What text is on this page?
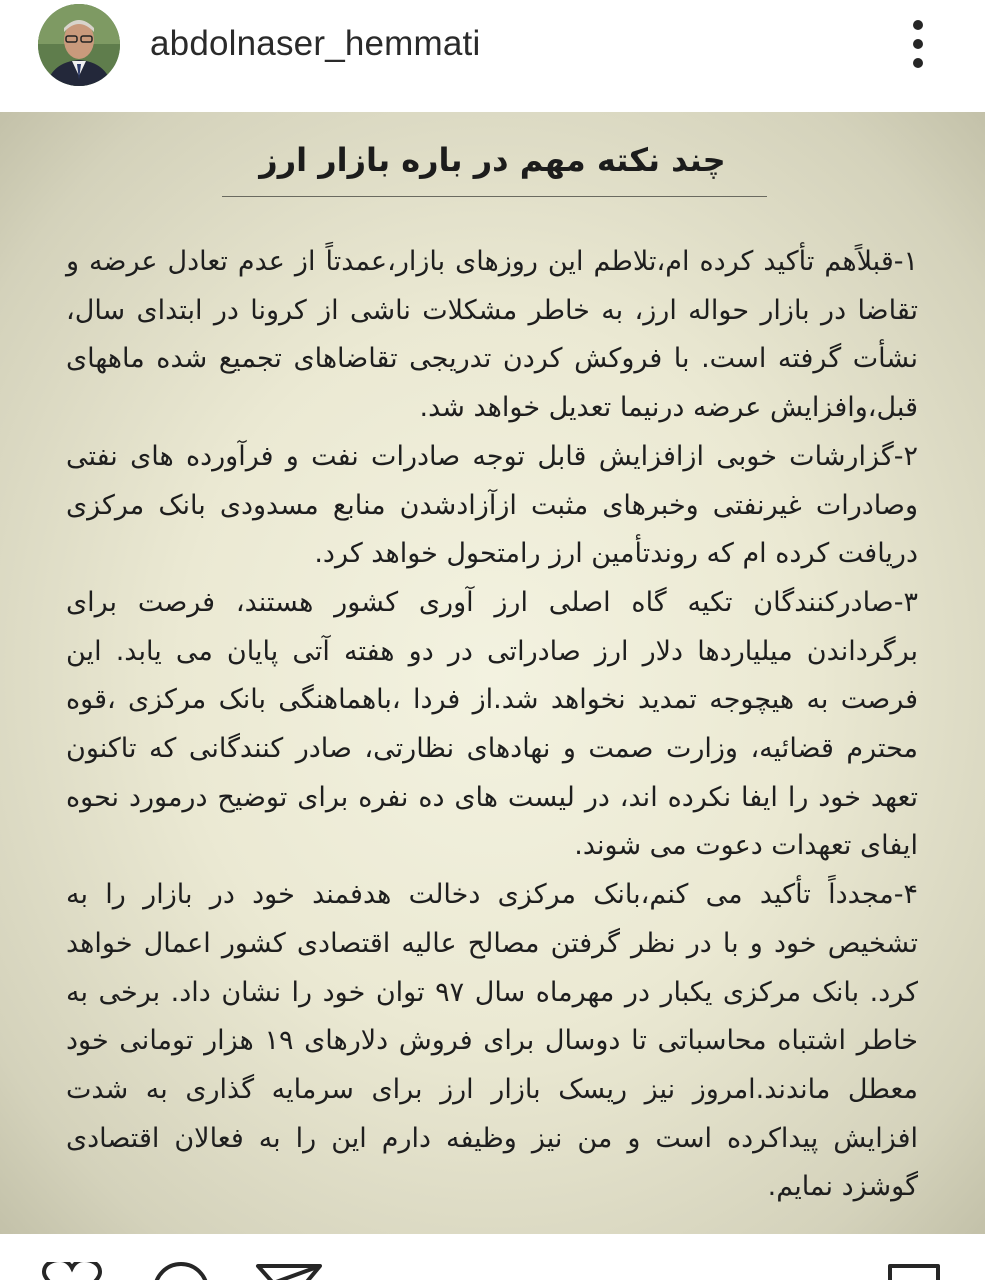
abdolnaser_hemmati
چند نکته مهم در باره بازار ارز

۱-قبلاًهم تأکید کرده ام،تلاطم این روزهای بازار،عمدتاً از عدم تعادل عرضه و تقاضا در بازار حواله ارز، به خاطر مشکلات ناشی از کرونا در ابتدای سال، نشأت گرفته است. با فروکش کردن تدریجی تقاضاهای تجمیع شده ماههای قبل،وافزایش عرضه درنیما تعدیل خواهد شد.

۲-گزارشات خوبی ازافزایش قابل توجه صادرات نفت و فرآورده های نفتی وصادرات غیرنفتی وخبرهای مثبت ازآزادشدن منابع مسدودی بانک مرکزی دریافت کرده ام که روندتأمین ارز رامتحول خواهد کرد.

۳-صادرکنندگان تکیه گاه اصلی ارز آوری کشور هستند، فرصت برای برگرداندن میلیاردها دلار ارز صادراتی در دو هفته آتی پایان می یابد. این فرصت به هیچوجه تمدید نخواهد شد.از فردا ،باهماهنگی بانک مرکزی ،قوه محترم قضائیه، وزارت صمت و نهادهای نظارتی، صادر کنندگانی که تاکنون تعهد خود را ایفا نکرده اند، در لیست های ده نفره برای توضیح درمورد نحوه ایفای تعهدات دعوت می شوند.

۴-مجدداً تأکید می کنم،بانک مرکزی دخالت هدفمند خود در بازار را به تشخیص خود و با در نظر گرفتن مصالح عالیه اقتصادی کشور اعمال خواهد کرد. بانک مرکزی یکبار در مهرماه سال ۹۷ توان خود را نشان داد. برخی به خاطر اشتباه محاسباتی تا دوسال برای فروش دلارهای ۱۹ هزار تومانی خود معطل ماندند.امروز نیز ریسک بازار ارز برای سرمایه گذاری به شدت افزایش پیداکرده است و من نیز وظیفه دارم این را به فعالان اقتصادی گوشزد نمایم.
